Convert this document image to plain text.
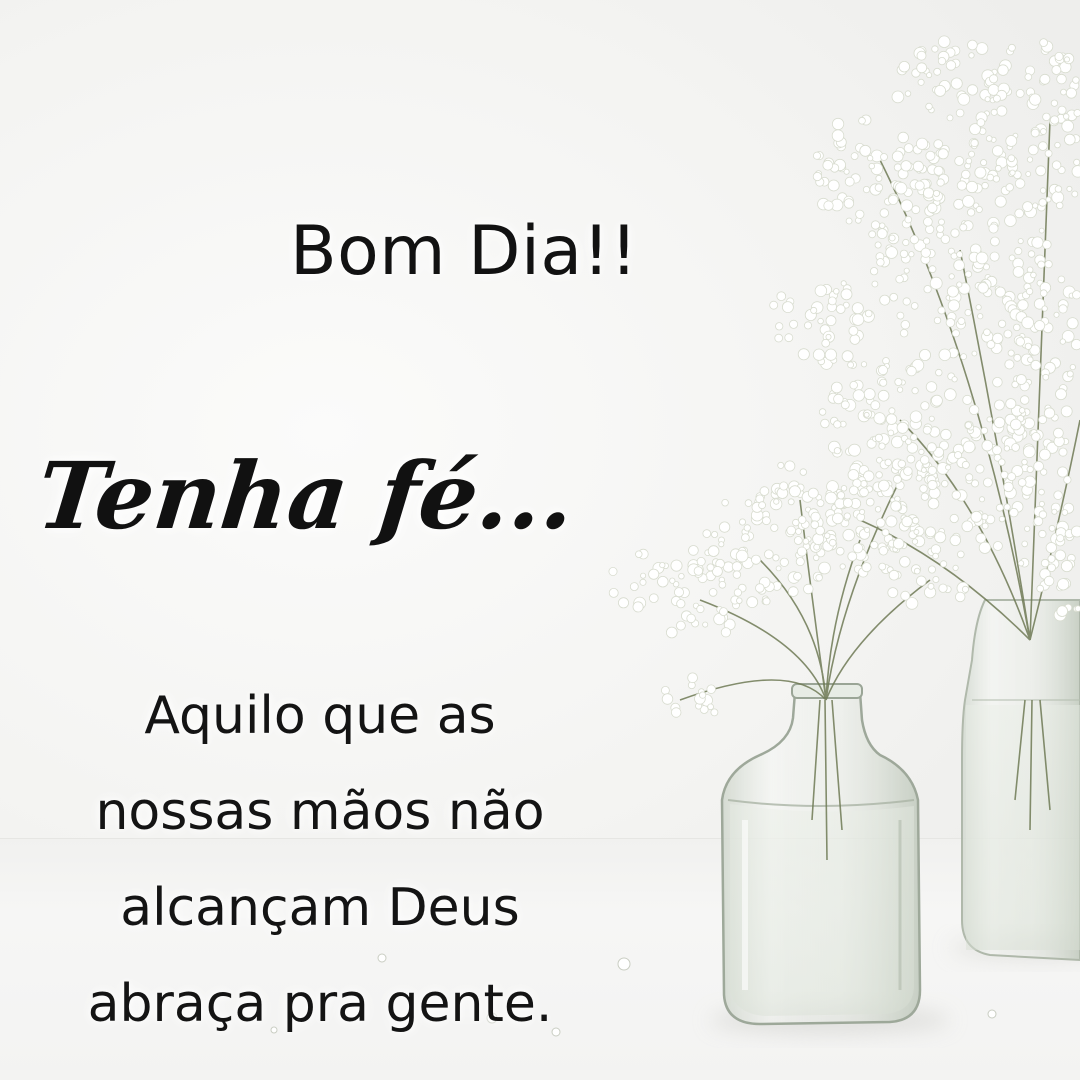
Bom Dia!!
Tenha fé...
Aquilo que as
nossas mãos não
alcançam Deus
abraça pra gente.
